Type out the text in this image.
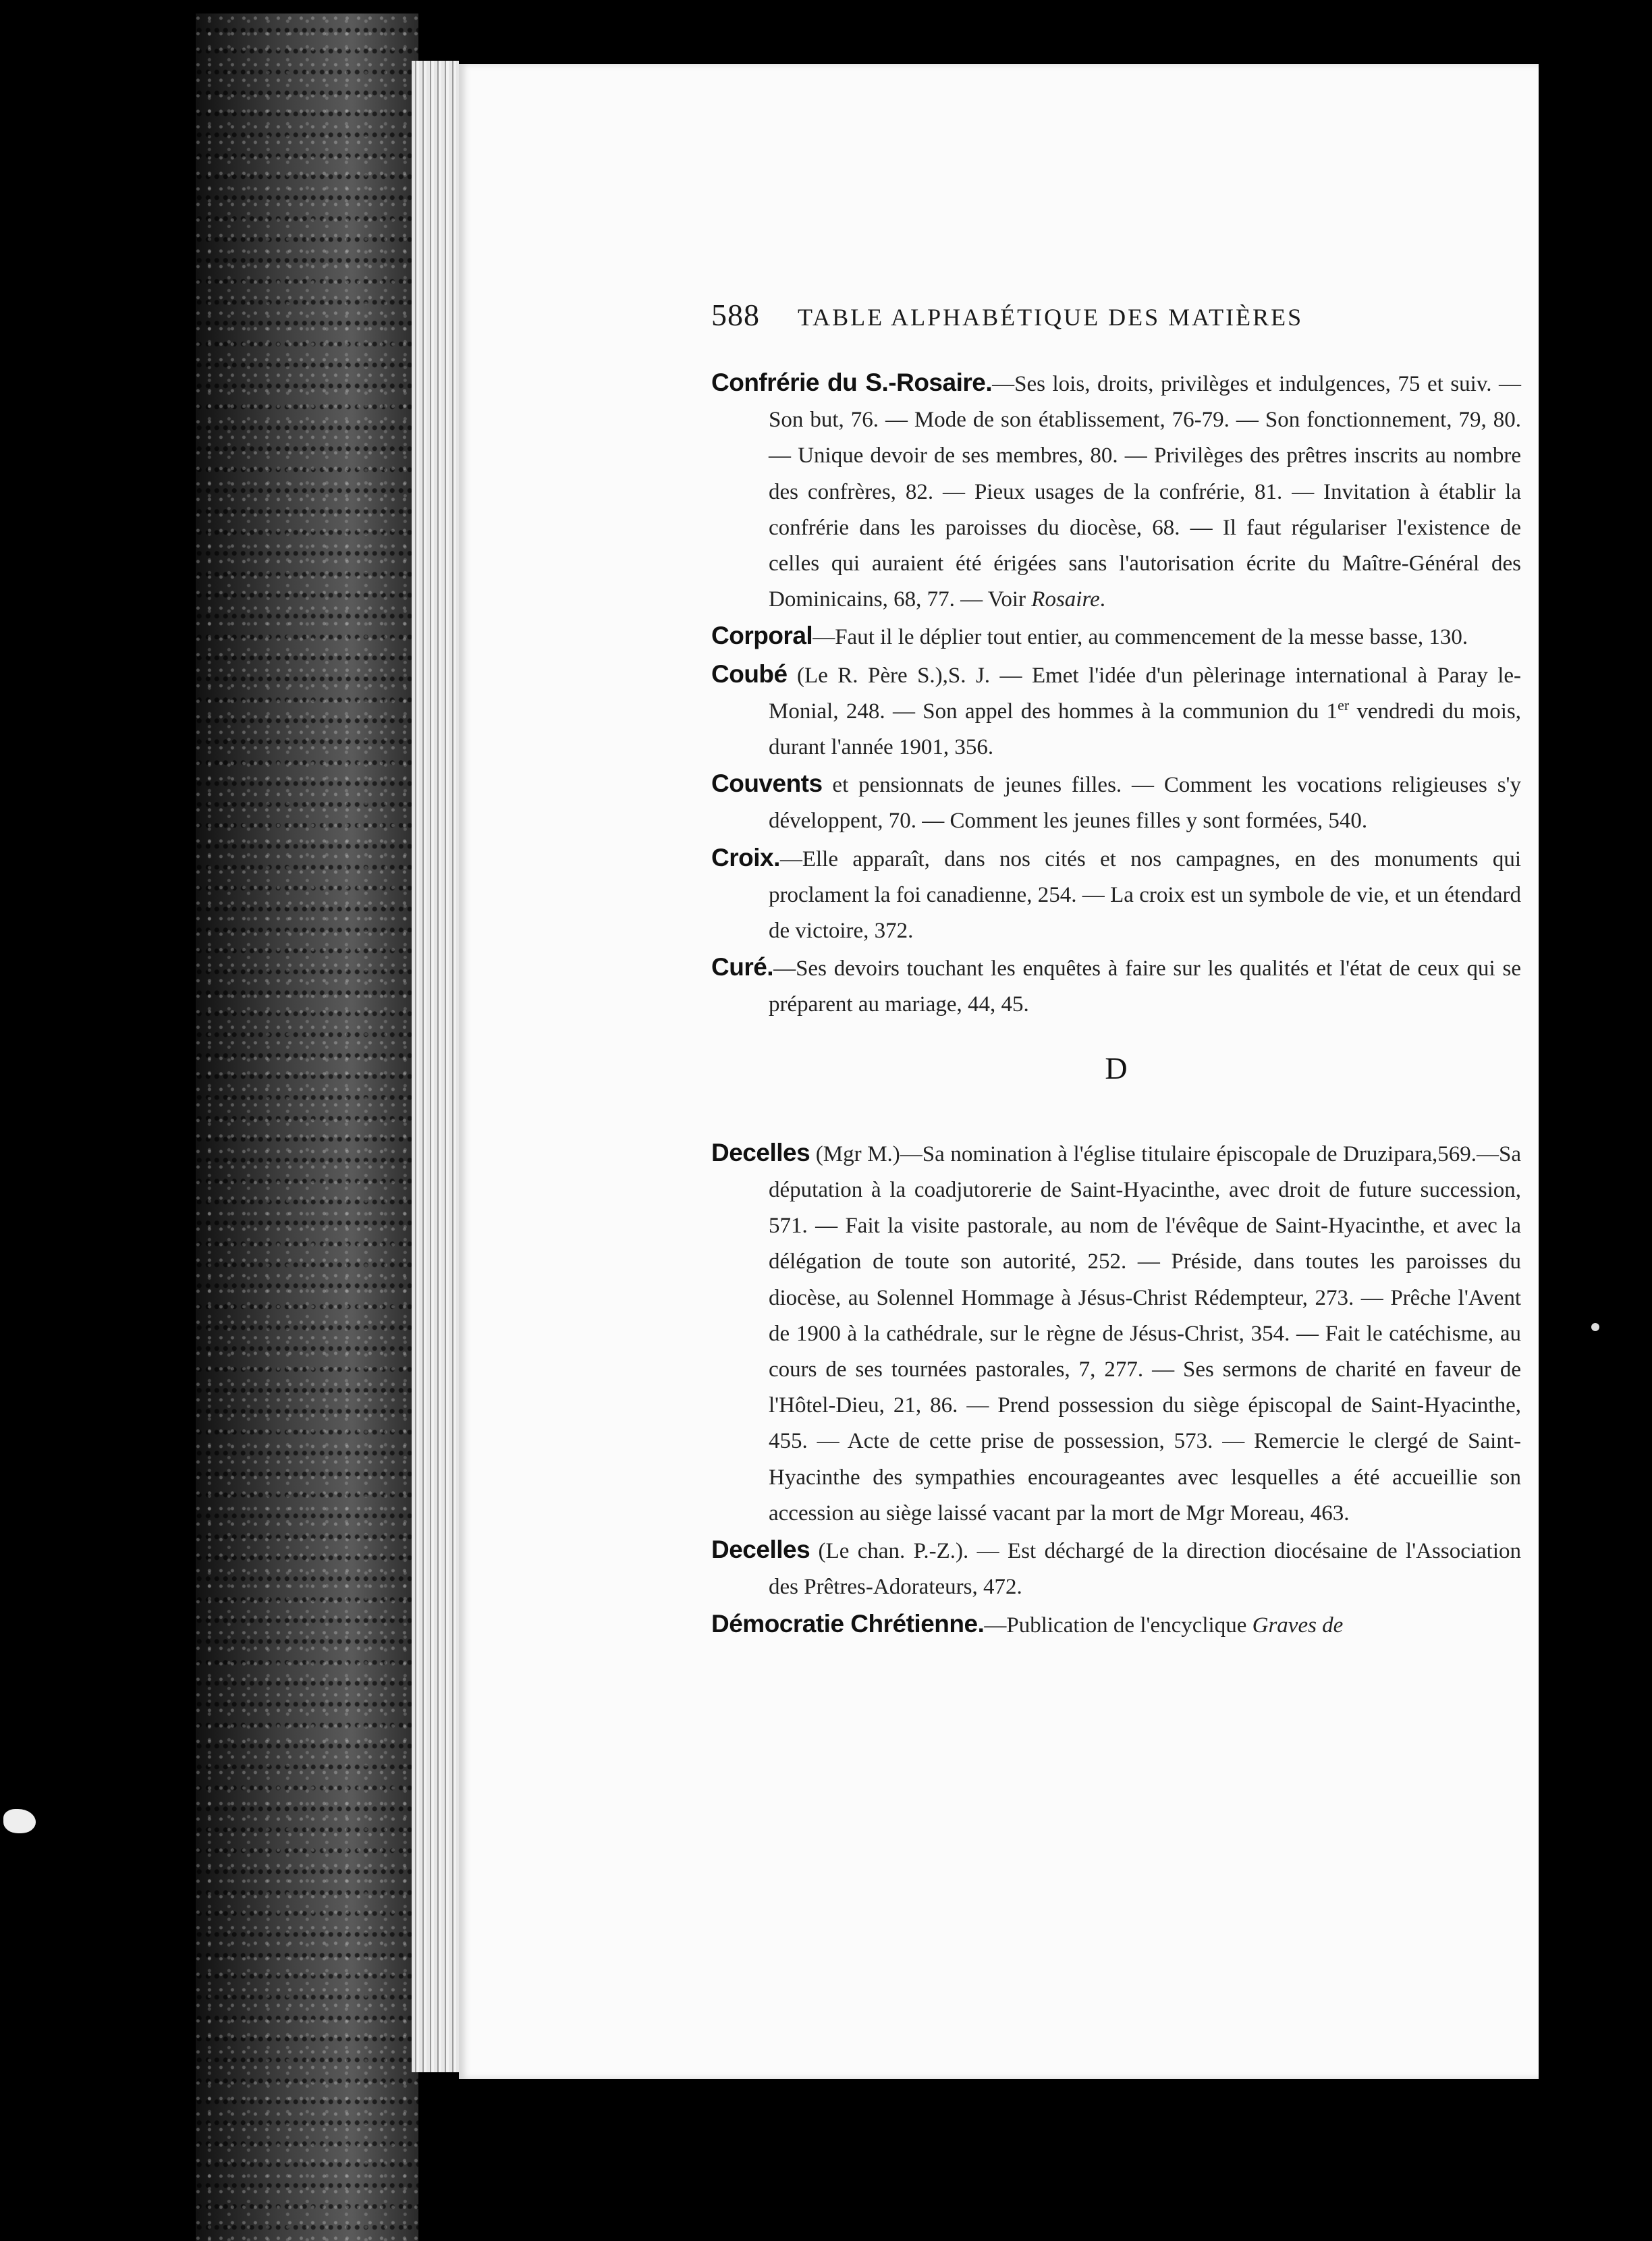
588 TABLE ALPHABÉTIQUE DES MATIÈRES

Confrérie du S.-Rosaire.—Ses lois, droits, privilèges et indulgences, 75 et suiv. — Son but, 76. — Mode de son établissement, 76-79. — Son fonctionnement, 79, 80. — Unique devoir de ses membres, 80. — Privilèges des prêtres inscrits au nombre des confrères, 82. — Pieux usages de la confrérie, 81. — Invitation à établir la confrérie dans les paroisses du diocèse, 68. — Il faut régulariser l'existence de celles qui auraient été érigées sans l'autorisation écrite du Maître-Général des Dominicains, 68, 77. — Voir Rosaire.

Corporal—Faut il le déplier tout entier, au commencement de la messe basse, 130.

Coubé (Le R. Père S.),S. J. — Emet l'idée d'un pèlerinage international à Paray le-Monial, 248. — Son appel des hommes à la communion du 1er vendredi du mois, durant l'année 1901, 356.

Couvents et pensionnats de jeunes filles. — Comment les vocations religieuses s'y développent, 70. — Comment les jeunes filles y sont formées, 540.

Croix.—Elle apparaît, dans nos cités et nos campagnes, en des monuments qui proclament la foi canadienne, 254. — La croix est un symbole de vie, et un étendard de victoire, 372.

Curé.—Ses devoirs touchant les enquêtes à faire sur les qualités et l'état de ceux qui se préparent au mariage, 44, 45.

D

Decelles (Mgr M.)—Sa nomination à l'église titulaire épiscopale de Druzipara,569.—Sa députation à la coadjutorerie de Saint-Hyacinthe, avec droit de future succession, 571. — Fait la visite pastorale, au nom de l'évêque de Saint-Hyacinthe, et avec la délégation de toute son autorité, 252. — Préside, dans toutes les paroisses du diocèse, au Solennel Hommage à Jésus-Christ Rédempteur, 273. — Prêche l'Avent de 1900 à la cathédrale, sur le règne de Jésus-Christ, 354. — Fait le catéchisme, au cours de ses tournées pastorales, 7, 277. — Ses sermons de charité en faveur de l'Hôtel-Dieu, 21, 86. — Prend possession du siège épiscopal de Saint-Hyacinthe, 455. — Acte de cette prise de possession, 573. — Remercie le clergé de Saint-Hyacinthe des sympathies encourageantes avec lesquelles a été accueillie son accession au siège laissé vacant par la mort de Mgr Moreau, 463.

Decelles (Le chan. P.-Z.). — Est déchargé de la direction diocésaine de l'Association des Prêtres-Adorateurs, 472.

Démocratie Chrétienne.—Publication de l'encyclique Graves de
